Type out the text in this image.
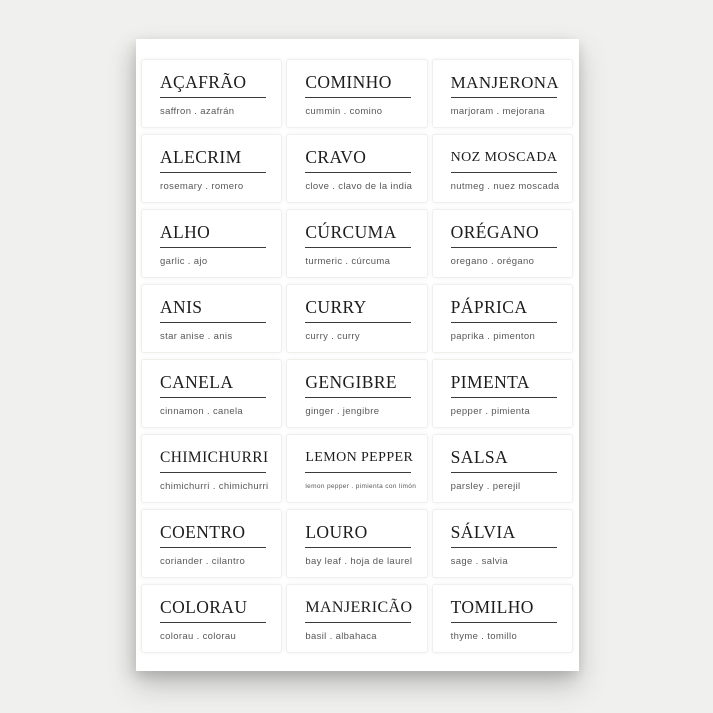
AÇAFRÃO
saffron . azafrán
COMINHO
cummin . comino
MANJERONA
marjoram . mejorana
ALECRIM
rosemary . romero
CRAVO
clove . clavo de la india
NOZ MOSCADA
nutmeg . nuez moscada
ALHO
garlic . ajo
CÚRCUMA
turmeric . cúrcuma
ORÉGANO
oregano . orégano
ANIS
star anise . anis
CURRY
curry . curry
PÁPRICA
paprika . pimenton
CANELA
cinnamon . canela
GENGIBRE
ginger . jengibre
PIMENTA
pepper . pimienta
CHIMICHURRI
chimichurri . chimichurri
LEMON PEPPER
lemon pepper . pimienta con limón
SALSA
parsley . perejil
COENTRO
coriander . cilantro
LOURO
bay leaf . hoja de laurel
SÁLVIA
sage . salvia
COLORAU
colorau . colorau
MANJERICÃO
basil . albahaca
TOMILHO
thyme . tomillo
